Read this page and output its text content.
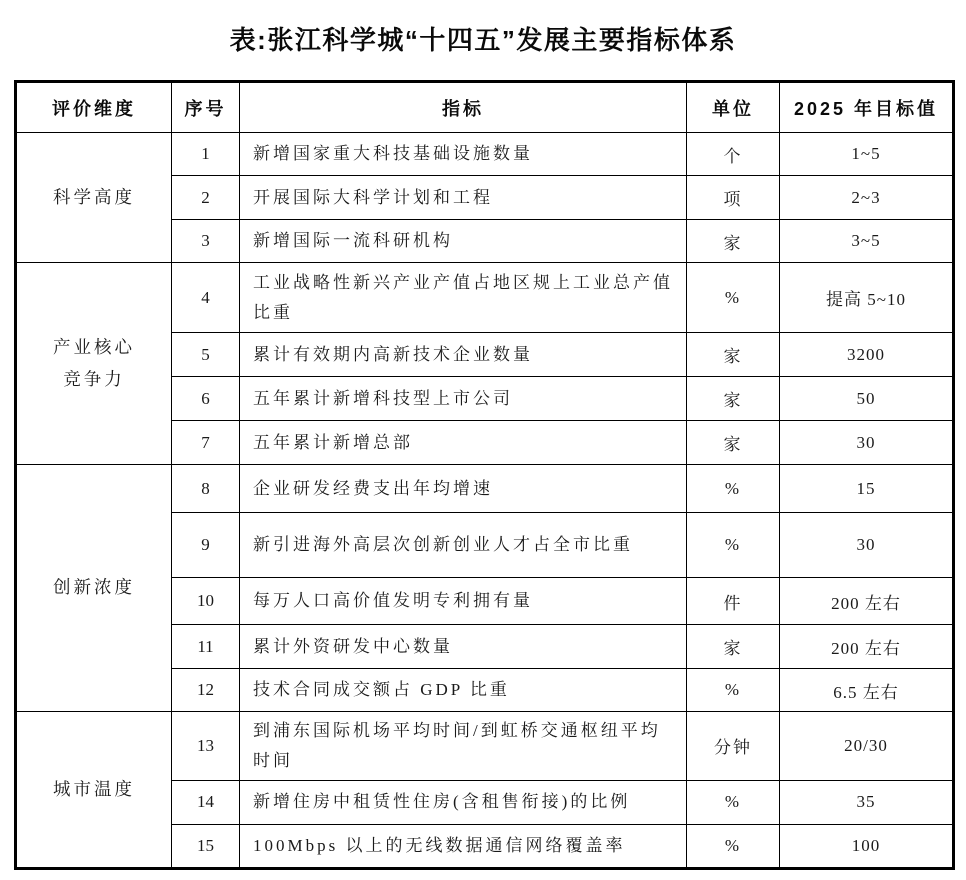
表:张江科学城“十四五”发展主要指标体系
评价维度	序号	指标	单位	2025 年目标值
科学高度	1	新增国家重大科技基础设施数量	个	1~5
	2	开展国际大科学计划和工程	项	2~3
	3	新增国际一流科研机构	家	3~5
产业核心竞争力	4	工业战略性新兴产业产值占地区规上工业总产值比重	%	提高 5~10
	5	累计有效期内高新技术企业数量	家	3200
	6	五年累计新增科技型上市公司	家	50
	7	五年累计新增总部	家	30
创新浓度	8	企业研发经费支出年均增速	%	15
	9	新引进海外高层次创新创业人才占全市比重	%	30
	10	每万人口高价值发明专利拥有量	件	200 左右
	11	累计外资研发中心数量	家	200 左右
	12	技术合同成交额占 GDP 比重	%	6.5 左右
城市温度	13	到浦东国际机场平均时间/到虹桥交通枢纽平均时间	分钟	20/30
	14	新增住房中租赁性住房(含租售衔接)的比例	%	35
	15	100Mbps 以上的无线数据通信网络覆盖率	%	100
